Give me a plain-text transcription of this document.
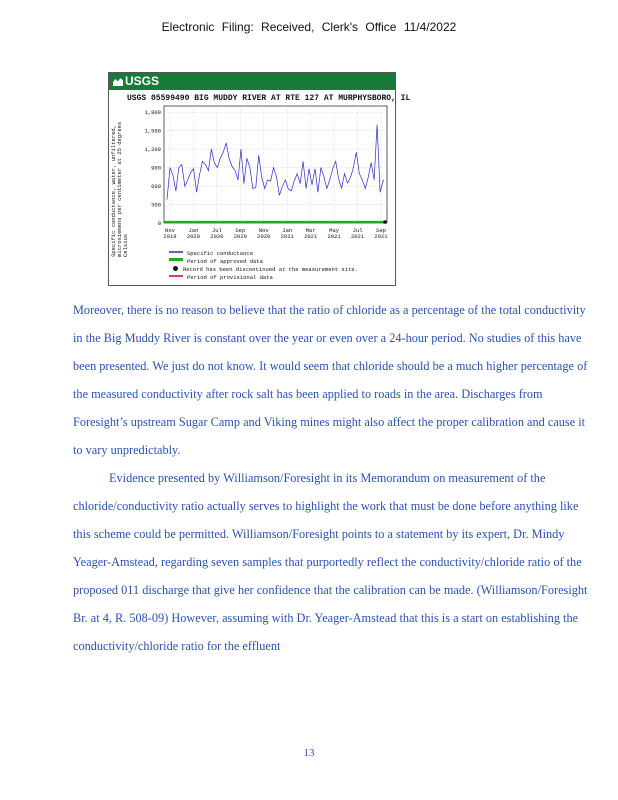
Electronic Filing: Received, Clerk's Office 11/4/2022
USGS
USGS 05599490 BIG MUDDY RIVER AT RTE 127 AT MURPHYSBORO, IL
Specific conductance, water, unfiltered, microsiemens per centimeter at 25 degrees Celsius
0
300
600
900
1,200
1,500
1,800
Nov
2019
Jan
2020
Jul
2020
Sep
2020
Nov
2020
Jan
2021
Mar
2021
May
2021
Jul
2021
Sep
2021
Specific conductance
Period of approved data
Record has been discontinued at the measurement site.
Period of provisional data

Moreover, there is no reason to believe that the ratio of chloride as a percentage of the total conductivity in the Big Muddy River is constant over the year or even over a 24-hour period. No studies of this have been presented. We just do not know. It would seem that chloride should be a much higher percentage of the measured conductivity after rock salt has been applied to roads in the area. Discharges from Foresight’s upstream Sugar Camp and Viking mines might also affect the proper calibration and cause it to vary unpredictably.

Evidence presented by Williamson/Foresight in its Memorandum on measurement of the chloride/conductivity ratio actually serves to highlight the work that must be done before anything like this scheme could be permitted. Williamson/Foresight points to a statement by its expert, Dr. Mindy Yeager-Amstead, regarding seven samples that purportedly reflect the conductivity/chloride ratio of the proposed 011 discharge that give her confidence that the calibration can be made. (Williamson/Foresight Br. at 4, R. 508-09) However, assuming with Dr. Yeager-Amstead that this is a start on establishing the conductivity/chloride ratio for the effluent

13
